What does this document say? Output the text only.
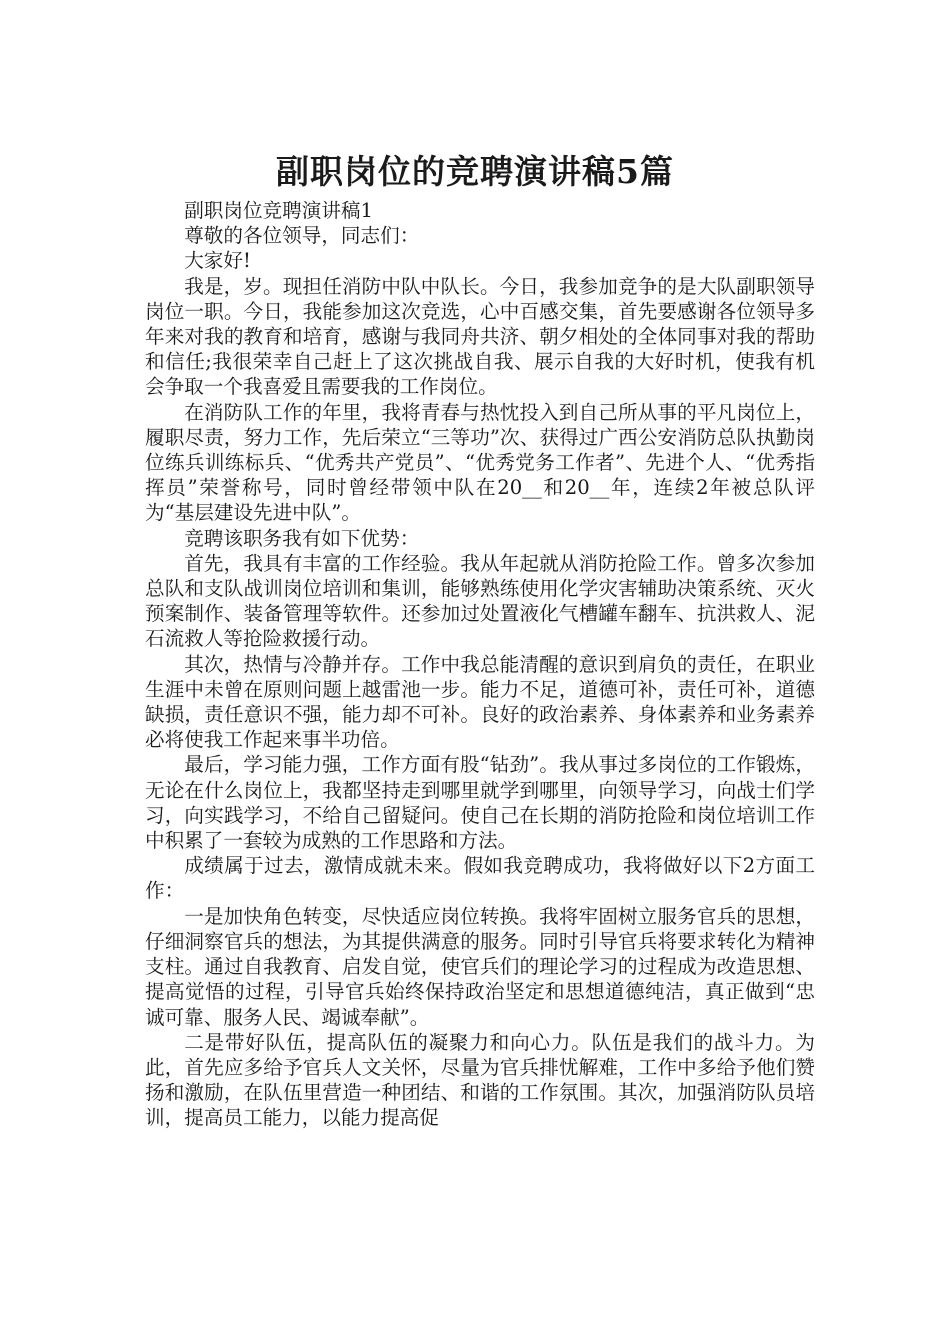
副职岗位的竞聘演讲稿5篇

副职岗位竞聘演讲稿1

尊敬的各位领导，同志们：

大家好!

我是，岁。现担任消防中队中队长。今日，我参加竞争的是大队副职领导岗位一职。今日，我能参加这次竞选，心中百感交集，首先要感谢各位领导多年来对我的教育和培育，感谢与我同舟共济、朝夕相处的全体同事对我的帮助和信任;我很荣幸自己赶上了这次挑战自我、展示自我的大好时机，使我有机会争取一个我喜爱且需要我的工作岗位。

在消防队工作的年里，我将青春与热忱投入到自己所从事的平凡岗位上，履职尽责，努力工作，先后荣立“三等功”次、获得过广西公安消防总队执勤岗位练兵训练标兵、“优秀共产党员”、“优秀党务工作者”、先进个人、“优秀指挥员”荣誉称号，同时曾经带领中队在20__和20__年，连续2年被总队评为“基层建设先进中队”。

竞聘该职务我有如下优势：

首先，我具有丰富的工作经验。我从年起就从消防抢险工作。曾多次参加总队和支队战训岗位培训和集训，能够熟练使用化学灾害辅助决策系统、灭火预案制作、装备管理等软件。还参加过处置液化气槽罐车翻车、抗洪救人、泥石流救人等抢险救援行动。

其次，热情与冷静并存。工作中我总能清醒的意识到肩负的责任，在职业生涯中未曾在原则问题上越雷池一步。能力不足，道德可补，责任可补，道德缺损，责任意识不强，能力却不可补。良好的政治素养、身体素养和业务素养必将使我工作起来事半功倍。

最后，学习能力强，工作方面有股“钻劲”。我从事过多岗位的工作锻炼，无论在什么岗位上，我都坚持走到哪里就学到哪里，向领导学习，向战士们学习，向实践学习，不给自己留疑问。使自己在长期的消防抢险和岗位培训工作中积累了一套较为成熟的工作思路和方法。

成绩属于过去，激情成就未来。假如我竞聘成功，我将做好以下2方面工作：

一是加快角色转变，尽快适应岗位转换。我将牢固树立服务官兵的思想，仔细洞察官兵的想法，为其提供满意的服务。同时引导官兵将要求转化为精神支柱。通过自我教育、启发自觉，使官兵们的理论学习的过程成为改造思想、提高觉悟的过程，引导官兵始终保持政治坚定和思想道德纯洁，真正做到“忠诚可靠、服务人民、竭诚奉献”。

二是带好队伍，提高队伍的凝聚力和向心力。队伍是我们的战斗力。为此，首先应多给予官兵人文关怀，尽量为官兵排忧解难，工作中多给予他们赞扬和激励，在队伍里营造一种团结、和谐的工作氛围。其次，加强消防队员培训，提高员工能力，以能力提高促
